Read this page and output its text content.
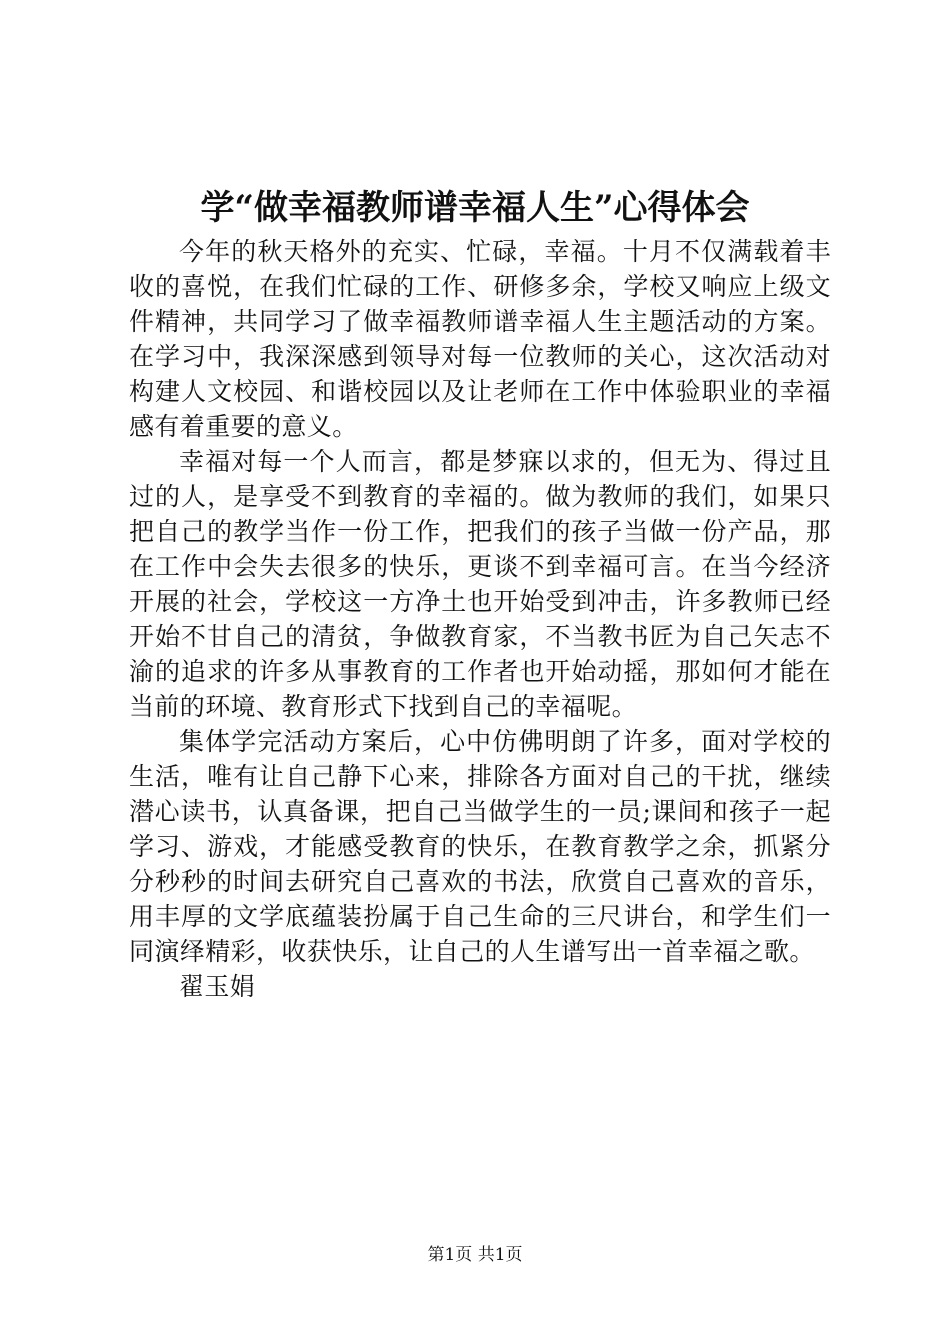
学“做幸福教师谱幸福人生”心得体会

今年的秋天格外的充实、忙碌，幸福。十月不仅满载着丰收的喜悦，在我们忙碌的工作、研修多余，学校又响应上级文件精神，共同学习了做幸福教师谱幸福人生主题活动的方案。在学习中，我深深感到领导对每一位教师的关心，这次活动对构建人文校园、和谐校园以及让老师在工作中体验职业的幸福感有着重要的意义。

幸福对每一个人而言，都是梦寐以求的，但无为、得过且过的人，是享受不到教育的幸福的。做为教师的我们，如果只把自己的教学当作一份工作，把我们的孩子当做一份产品，那在工作中会失去很多的快乐，更谈不到幸福可言。在当今经济开展的社会，学校这一方净土也开始受到冲击，许多教师已经开始不甘自己的清贫，争做教育家，不当教书匠为自己矢志不渝的追求的许多从事教育的工作者也开始动摇，那如何才能在当前的环境、教育形式下找到自己的幸福呢。

集体学完活动方案后，心中仿佛明朗了许多，面对学校的生活，唯有让自己静下心来，排除各方面对自己的干扰，继续潜心读书，认真备课，把自己当做学生的一员;课间和孩子一起学习、游戏，才能感受教育的快乐，在教育教学之余，抓紧分分秒秒的时间去研究自己喜欢的书法，欣赏自己喜欢的音乐，用丰厚的文学底蕴装扮属于自己生命的三尺讲台，和学生们一同演绎精彩，收获快乐，让自己的人生谱写出一首幸福之歌。

翟玉娟

第1页 共1页
